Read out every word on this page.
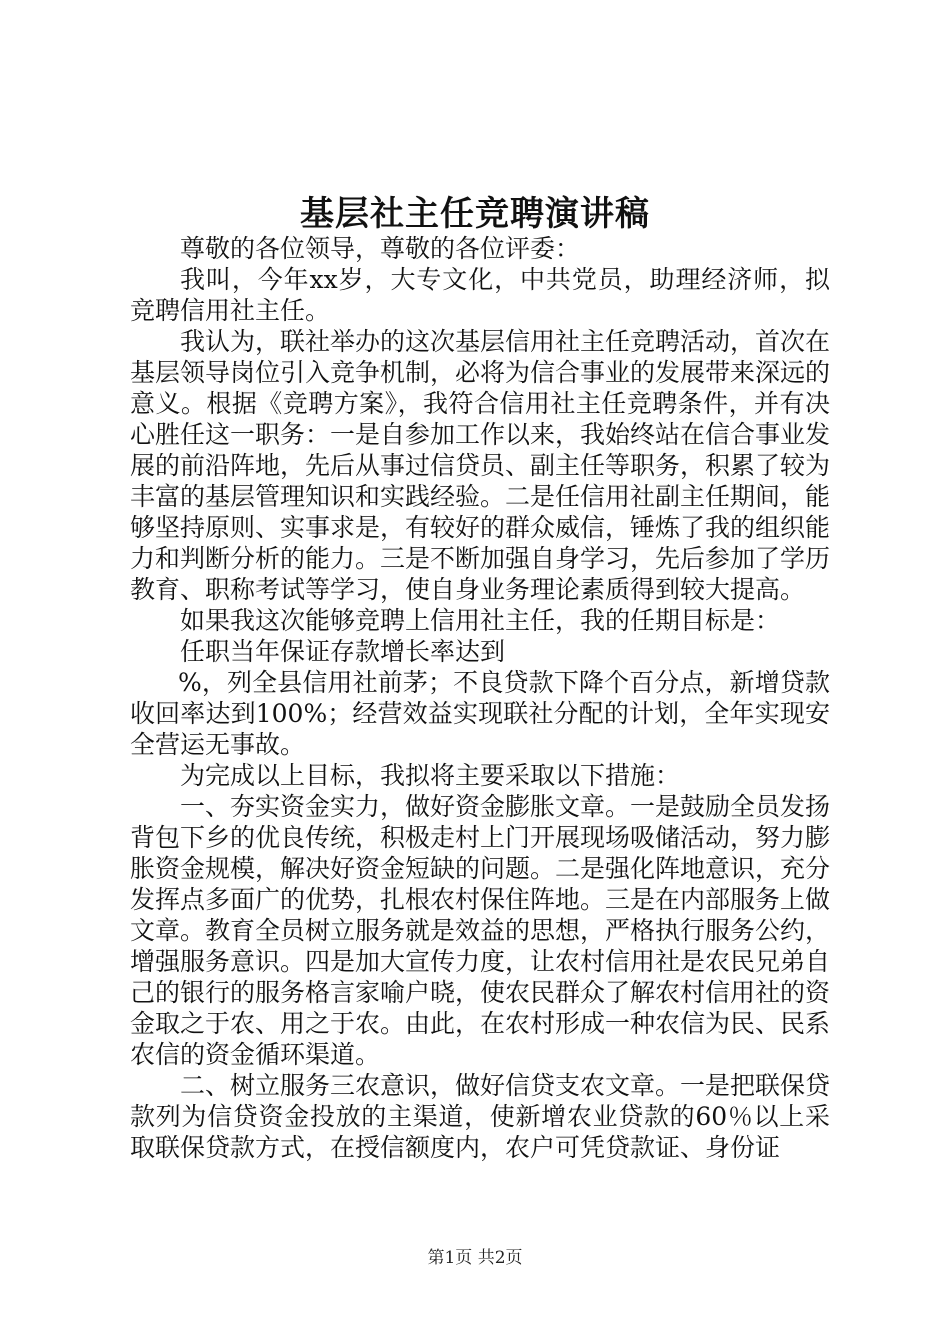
基层社主任竞聘演讲稿

尊敬的各位领导，尊敬的各位评委：

我叫，今年xx岁，大专文化，中共党员，助理经济师，拟竞聘信用社主任。

我认为，联社举办的这次基层信用社主任竞聘活动，首次在基层领导岗位引入竞争机制，必将为信合事业的发展带来深远的意义。根据《竞聘方案》，我符合信用社主任竞聘条件，并有决心胜任这一职务：一是自参加工作以来，我始终站在信合事业发展的前沿阵地，先后从事过信贷员、副主任等职务，积累了较为丰富的基层管理知识和实践经验。二是任信用社副主任期间，能够坚持原则、实事求是，有较好的群众威信，锤炼了我的组织能力和判断分析的能力。三是不断加强自身学习，先后参加了学历教育、职称考试等学习，使自身业务理论素质得到较大提高。

如果我这次能够竞聘上信用社主任，我的任期目标是：

任职当年保证存款增长率达到

%，列全县信用社前茅；不良贷款下降个百分点，新增贷款收回率达到100%；经营效益实现联社分配的计划，全年实现安全营运无事故。

为完成以上目标，我拟将主要采取以下措施：

一、夯实资金实力，做好资金膨胀文章。一是鼓励全员发扬背包下乡的优良传统，积极走村上门开展现场吸储活动，努力膨胀资金规模，解决好资金短缺的问题。二是强化阵地意识，充分发挥点多面广的优势，扎根农村保住阵地。三是在内部服务上做文章。教育全员树立服务就是效益的思想，严格执行服务公约，增强服务意识。四是加大宣传力度，让农村信用社是农民兄弟自己的银行的服务格言家喻户晓，使农民群众了解农村信用社的资金取之于农、用之于农。由此，在农村形成一种农信为民、民系农信的资金循环渠道。

二、树立服务三农意识，做好信贷支农文章。一是把联保贷款列为信贷资金投放的主渠道，使新增农业贷款的60％以上采取联保贷款方式，在授信额度内，农户可凭贷款证、身份证

第1页 共2页
